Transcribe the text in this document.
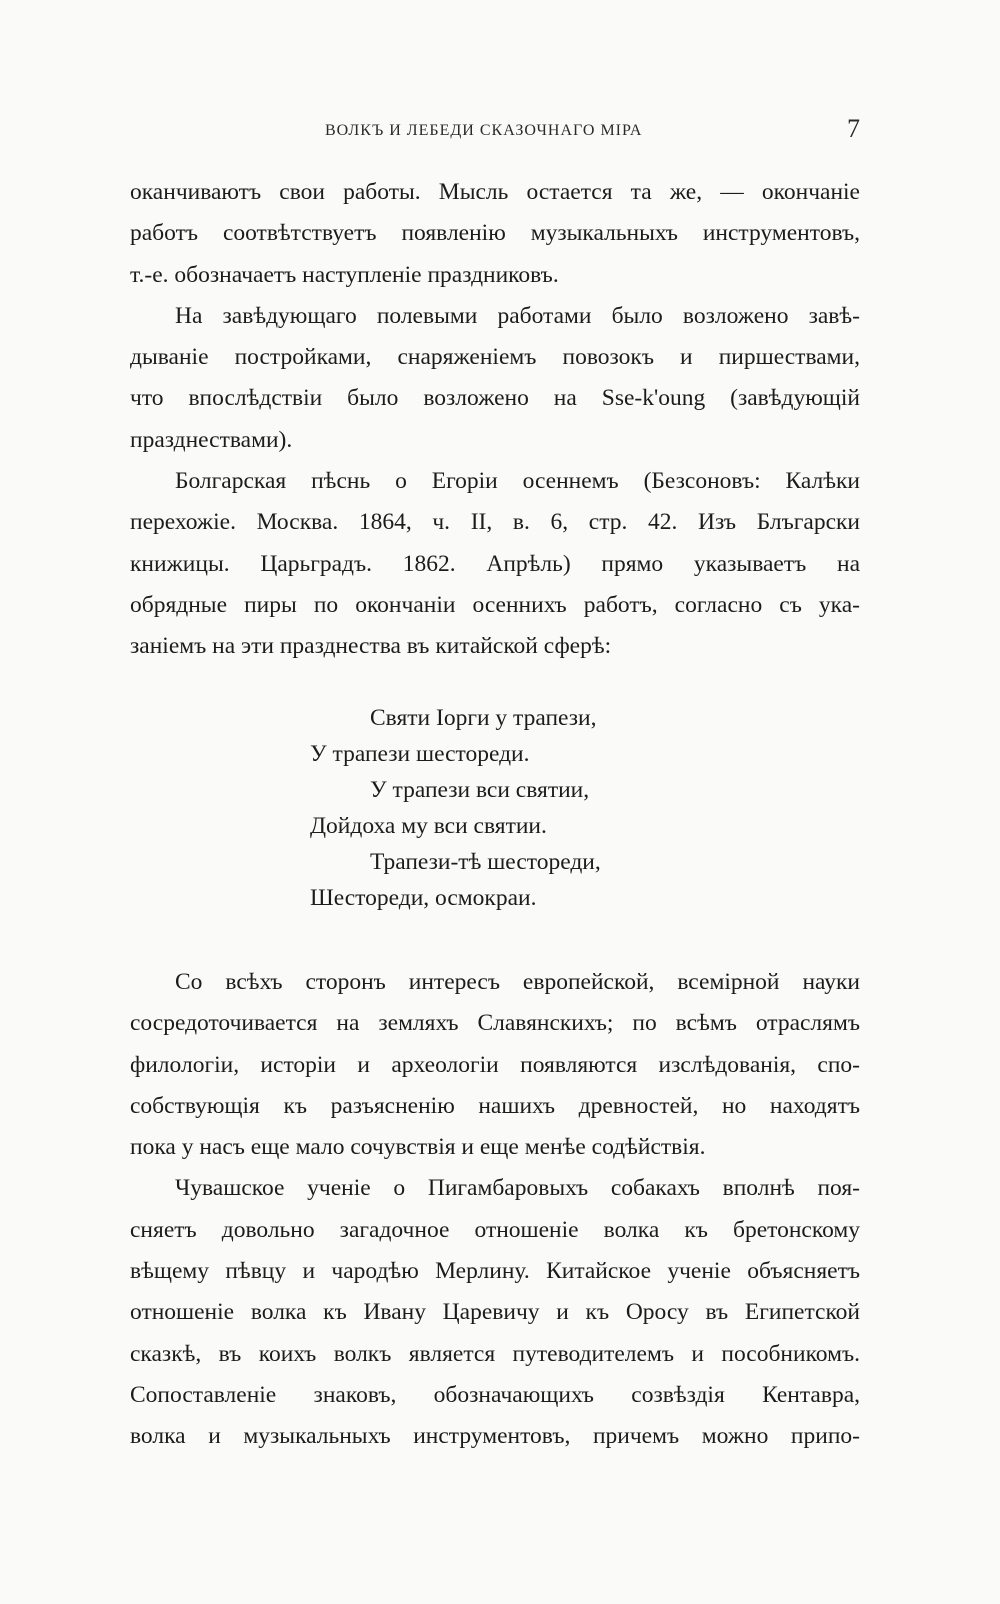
ВОЛКЪ И ЛЕБЕДИ СКАЗОЧНАГО МІРА	7
оканчиваютъ свои работы. Мысль остается та же, — окончаніе
работъ соотвѣтствуетъ появленію музыкальныхъ инструментовъ,
т.-е. обозначаетъ наступленіе праздниковъ.
На завѣдующаго полевыми работами было возложено завѣ-
дываніе постройками, снаряженіемъ повозокъ и пиршествами,
что впослѣдствіи было возложено на Sse-k'oung (завѣдующій
празднествами).
Болгарская пѣснь о Егоріи осеннемъ (Безсоновъ: Калѣки
перехожіе. Москва. 1864, ч. II, в. 6, стр. 42. Изъ Блъгарски
книжицы. Царьградъ. 1862. Апрѣль) прямо указываетъ на
обрядные пиры по окончаніи осеннихъ работъ, согласно съ ука-
заніемъ на эти празднества въ китайской сферѣ:
Святи Іорги у трапези,
У трапези шестореди.
У трапези вси святии,
Дойдоха му вси святии.
Трапези-тѣ шестореди,
Шестореди, осмокраи.
Со всѣхъ сторонъ интересъ европейской, всемірной науки
сосредоточивается на земляхъ Славянскихъ; по всѣмъ отраслямъ
филологіи, исторіи и археологіи появляются изслѣдованія, спо-
собствующія къ разъясненію нашихъ древностей, но находятъ
пока у насъ еще мало сочувствія и еще менѣе содѣйствія.
Чувашское ученіе о Пигамбаровыхъ собакахъ вполнѣ поя-
сняетъ довольно загадочное отношеніе волка къ бретонскому
вѣщему пѣвцу и чародѣю Мерлину. Китайское ученіе объясняетъ
отношеніе волка къ Ивану Царевичу и къ Оросу въ Египетской
сказкѣ, въ коихъ волкъ является путеводителемъ и пособникомъ.
Сопоставленіе знаковъ, обозначающихъ созвѣздія Кентавра,
волка и музыкальныхъ инструментовъ, причемъ можно припо-
